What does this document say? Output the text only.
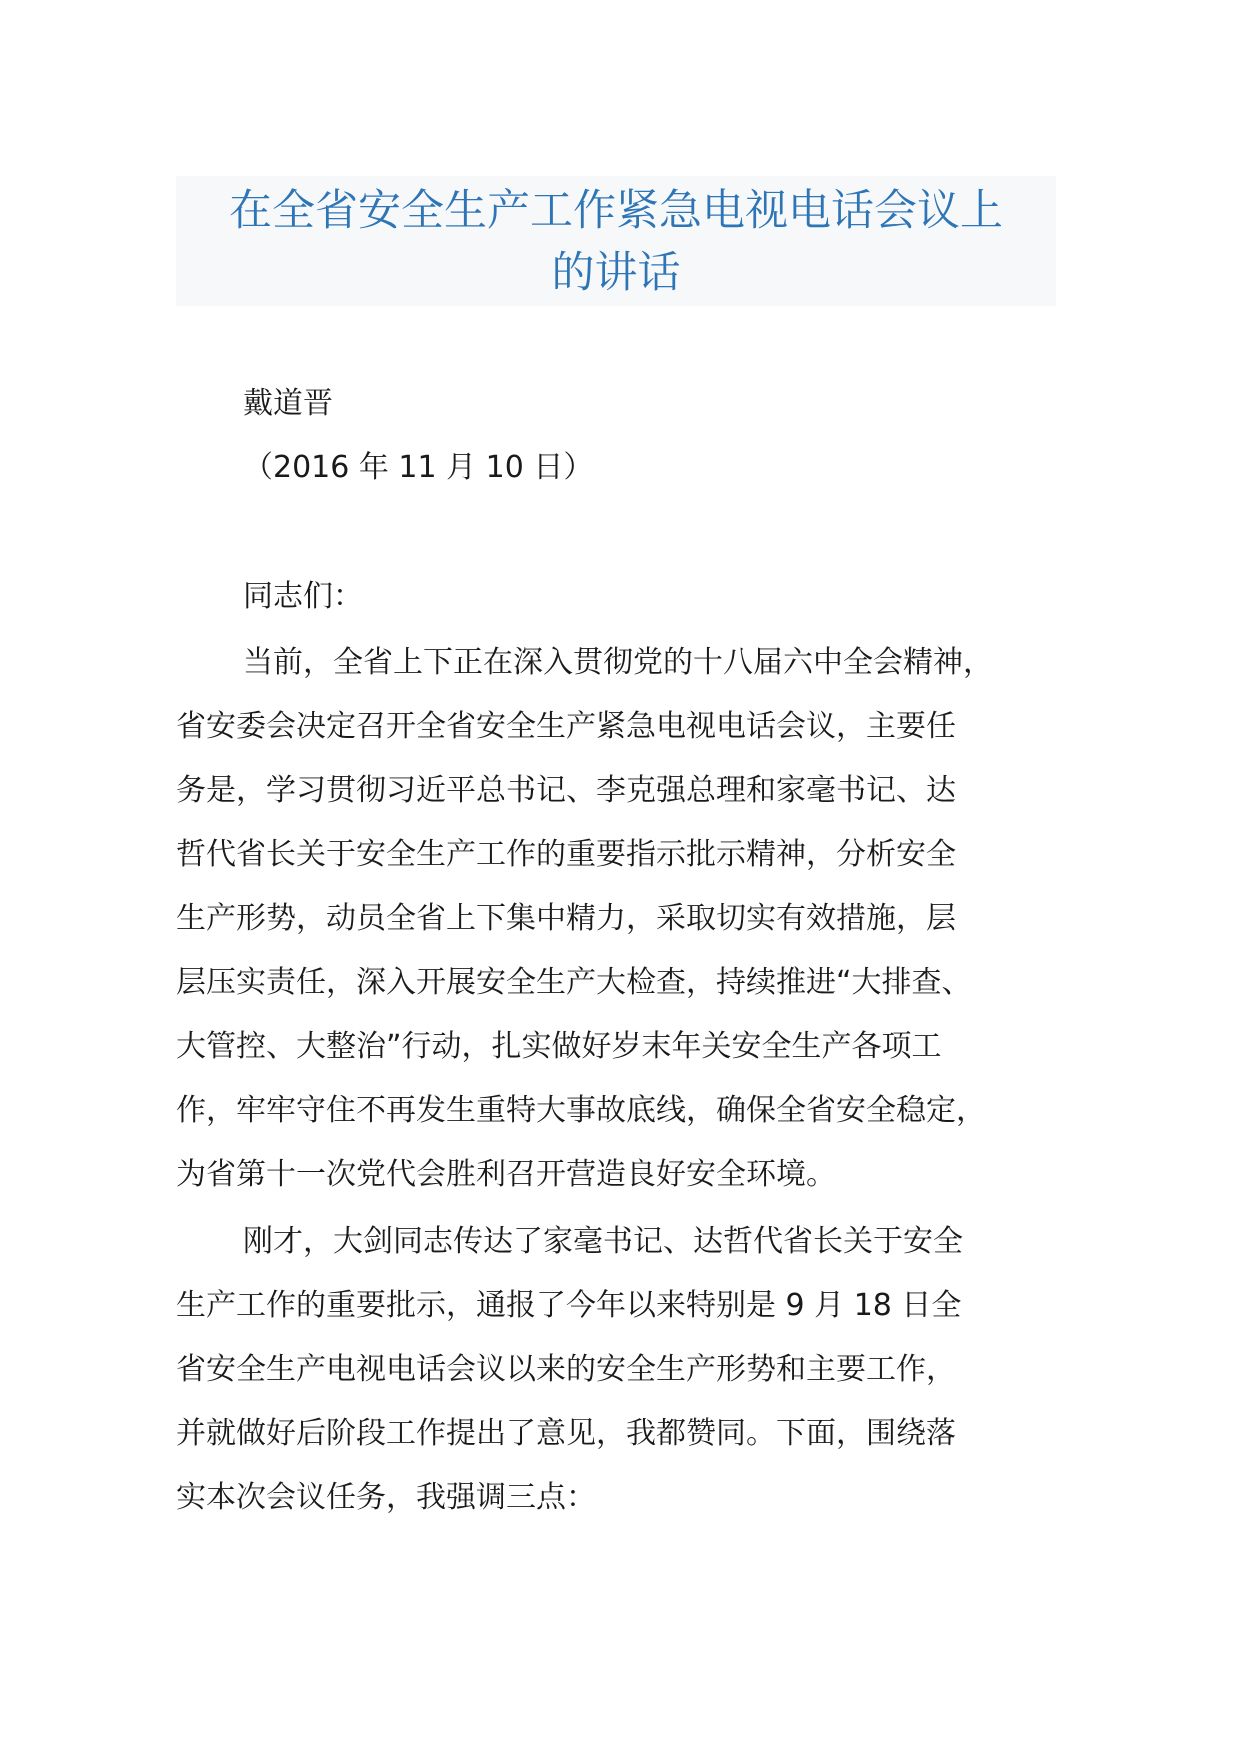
在全省安全生产工作紧急电视电话会议上
的讲话
戴道晋
（2016 年 11 月 10 日）
同志们：
当前，全省上下正在深入贯彻党的十八届六中全会精神，
省安委会决定召开全省安全生产紧急电视电话会议，主要任
务是，学习贯彻习近平总书记、李克强总理和家毫书记、达
哲代省长关于安全生产工作的重要指示批示精神，分析安全
生产形势，动员全省上下集中精力，采取切实有效措施，层
层压实责任，深入开展安全生产大检查，持续推进“大排查、
大管控、大整治”行动，扎实做好岁末年关安全生产各项工
作，牢牢守住不再发生重特大事故底线，确保全省安全稳定，
为省第十一次党代会胜利召开营造良好安全环境。
刚才，大剑同志传达了家毫书记、达哲代省长关于安全
生产工作的重要批示，通报了今年以来特别是 9 月 18 日全
省安全生产电视电话会议以来的安全生产形势和主要工作，
并就做好后阶段工作提出了意见，我都赞同。下面，围绕落
实本次会议任务，我强调三点：
